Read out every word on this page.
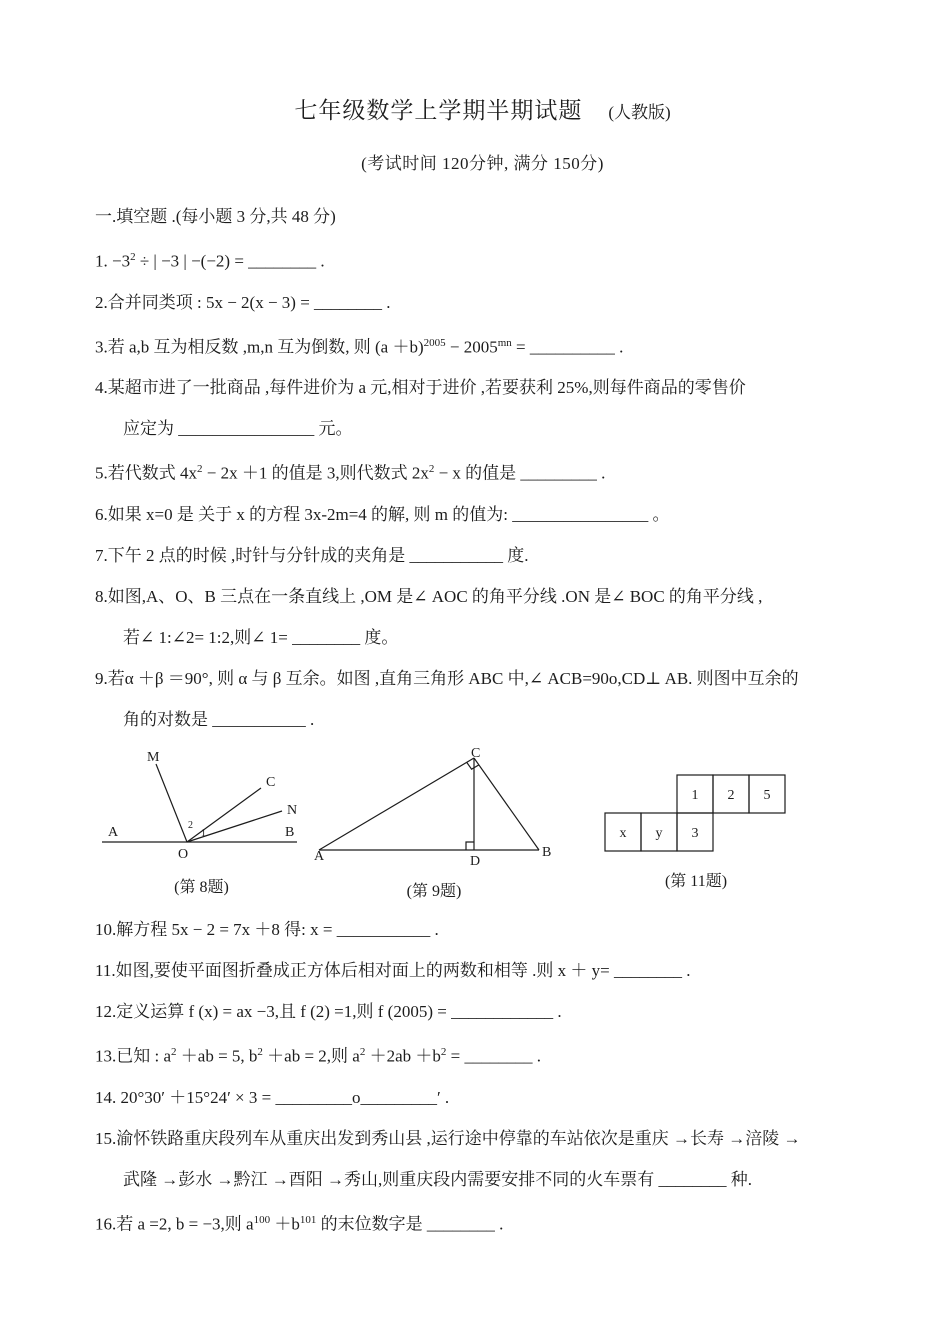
七年级数学上学期半期试题 (人教版)
(考试时间 120分钟, 满分 150分)
一.填空题 .(每小题 3 分,共 48 分)
1. $-3^2$ ÷ | −3 | −(−2) = ________ .
2.合并同类项 : 5x − 2(x − 3) = ________ .
3.若 a,b 互为相反数 ,m,n 互为倒数, 则 $(a +b)^{2005} - 2005^{mn}$ = __________ .
4.某超市进了一批商品 ,每件进价为 a 元,相对于进价 ,若要获利 25%,则每件商品的零售价
应定为 ________________ 元。
5.若代数式 $4x^2 - 2x +1$ 的值是 3,则代数式 $2x^2 - x$ 的值是 _________ .
6.如果 x=0 是 关于 x 的方程 3x-2m=4 的解, 则 m 的值为: ________________ 。
7.下午 2 点的时候 ,时针与分针成的夹角是 ___________ 度.
8.如图,A、O、B 三点在一条直线上 ,OM 是∠ AOC 的角平分线 .ON 是∠ BOC 的角平分线 ,
若∠ 1:∠2= 1:2,则∠ 1= ________ 度。
9.若α ＋β ＝90°, 则 α 与 β 互余。如图 ,直角三角形 ABC 中,∠ ACB=90o,CD⊥ AB. 则图中互余的
角的对数是 ___________ .
M
C
N
A	B
O
2
1
(第 8题)
C
A	B
D
(第 9题)
1 2 5
x y 3
(第 11题)
10.解方程 5x − 2 = 7x ＋8 得: x = ___________ .
11.如图,要使平面图折叠成正方体后相对面上的两数和相等 .则 x ＋ y= ________ .
12.定义运算 f (x) = ax −3,且 f (2) =1,则 f (2005) = ____________ .
13.已知 : $a^2 +ab = 5$, $b^2 +ab = 2$,则 $a^2 +2ab +b^2$ = ________ .
14. 20°30′ ＋15°24′ × 3 = _________o_________′ .
15.渝怀铁路重庆段列车从重庆出发到秀山县 ,运行途中停靠的车站依次是重庆 →长寿 →涪陵 →
武隆 →彭水 →黔江 →酉阳 →秀山,则重庆段内需要安排不同的火车票有 ________ 种.
16.若 a =2, b = −3,则 $a^{100} +b^{101}$ 的末位数字是 ________ .
